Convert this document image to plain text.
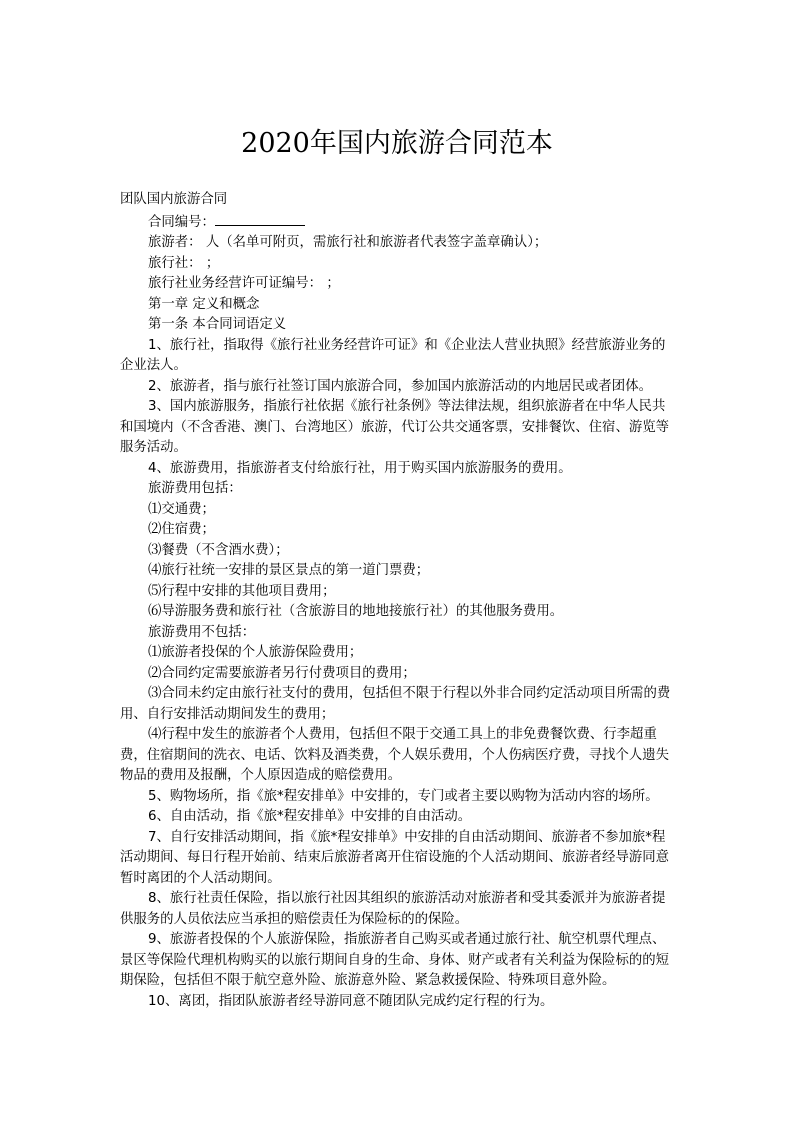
2020年国内旅游合同范本

团队国内旅游合同

合同编号：

旅游者： 人（名单可附页，需旅行社和旅游者代表签字盖章确认）；

旅行社： ；

旅行社业务经营许可证编号： ；

第一章 定义和概念

第一条 本合同词语定义

1、旅行社，指取得《旅行社业务经营许可证》和《企业法人营业执照》经营旅游业务的企业法人。

2、旅游者，指与旅行社签订国内旅游合同，参加国内旅游活动的内地居民或者团体。

3、国内旅游服务，指旅行社依据《旅行社条例》等法律法规，组织旅游者在中华人民共和国境内（不含香港、澳门、台湾地区）旅游，代订公共交通客票，安排餐饮、住宿、游览等服务活动。

4、旅游费用，指旅游者支付给旅行社，用于购买国内旅游服务的费用。

旅游费用包括：

⑴交通费；

⑵住宿费；

⑶餐费（不含酒水费）；

⑷旅行社统一安排的景区景点的第一道门票费；

⑸行程中安排的其他项目费用；

⑹导游服务费和旅行社（含旅游目的地地接旅行社）的其他服务费用。

旅游费用不包括：

⑴旅游者投保的个人旅游保险费用；

⑵合同约定需要旅游者另行付费项目的费用；

⑶合同未约定由旅行社支付的费用，包括但不限于行程以外非合同约定活动项目所需的费用、自行安排活动期间发生的费用；

⑷行程中发生的旅游者个人费用，包括但不限于交通工具上的非免费餐饮费、行李超重费，住宿期间的洗衣、电话、饮料及酒类费，个人娱乐费用，个人伤病医疗费，寻找个人遗失物品的费用及报酬，个人原因造成的赔偿费用。

5、购物场所，指《旅*程安排单》中安排的，专门或者主要以购物为活动内容的场所。

6、自由活动，指《旅*程安排单》中安排的自由活动。

7、自行安排活动期间，指《旅*程安排单》中安排的自由活动期间、旅游者不参加旅*程活动期间、每日行程开始前、结束后旅游者离开住宿设施的个人活动期间、旅游者经导游同意暂时离团的个人活动期间。

8、旅行社责任保险，指以旅行社因其组织的旅游活动对旅游者和受其委派并为旅游者提供服务的人员依法应当承担的赔偿责任为保险标的的保险。

9、旅游者投保的个人旅游保险，指旅游者自己购买或者通过旅行社、航空机票代理点、景区等保险代理机构购买的以旅行期间自身的生命、身体、财产或者有关利益为保险标的的短期保险，包括但不限于航空意外险、旅游意外险、紧急救援保险、特殊项目意外险。

10、离团，指团队旅游者经导游同意不随团队完成约定行程的行为。
